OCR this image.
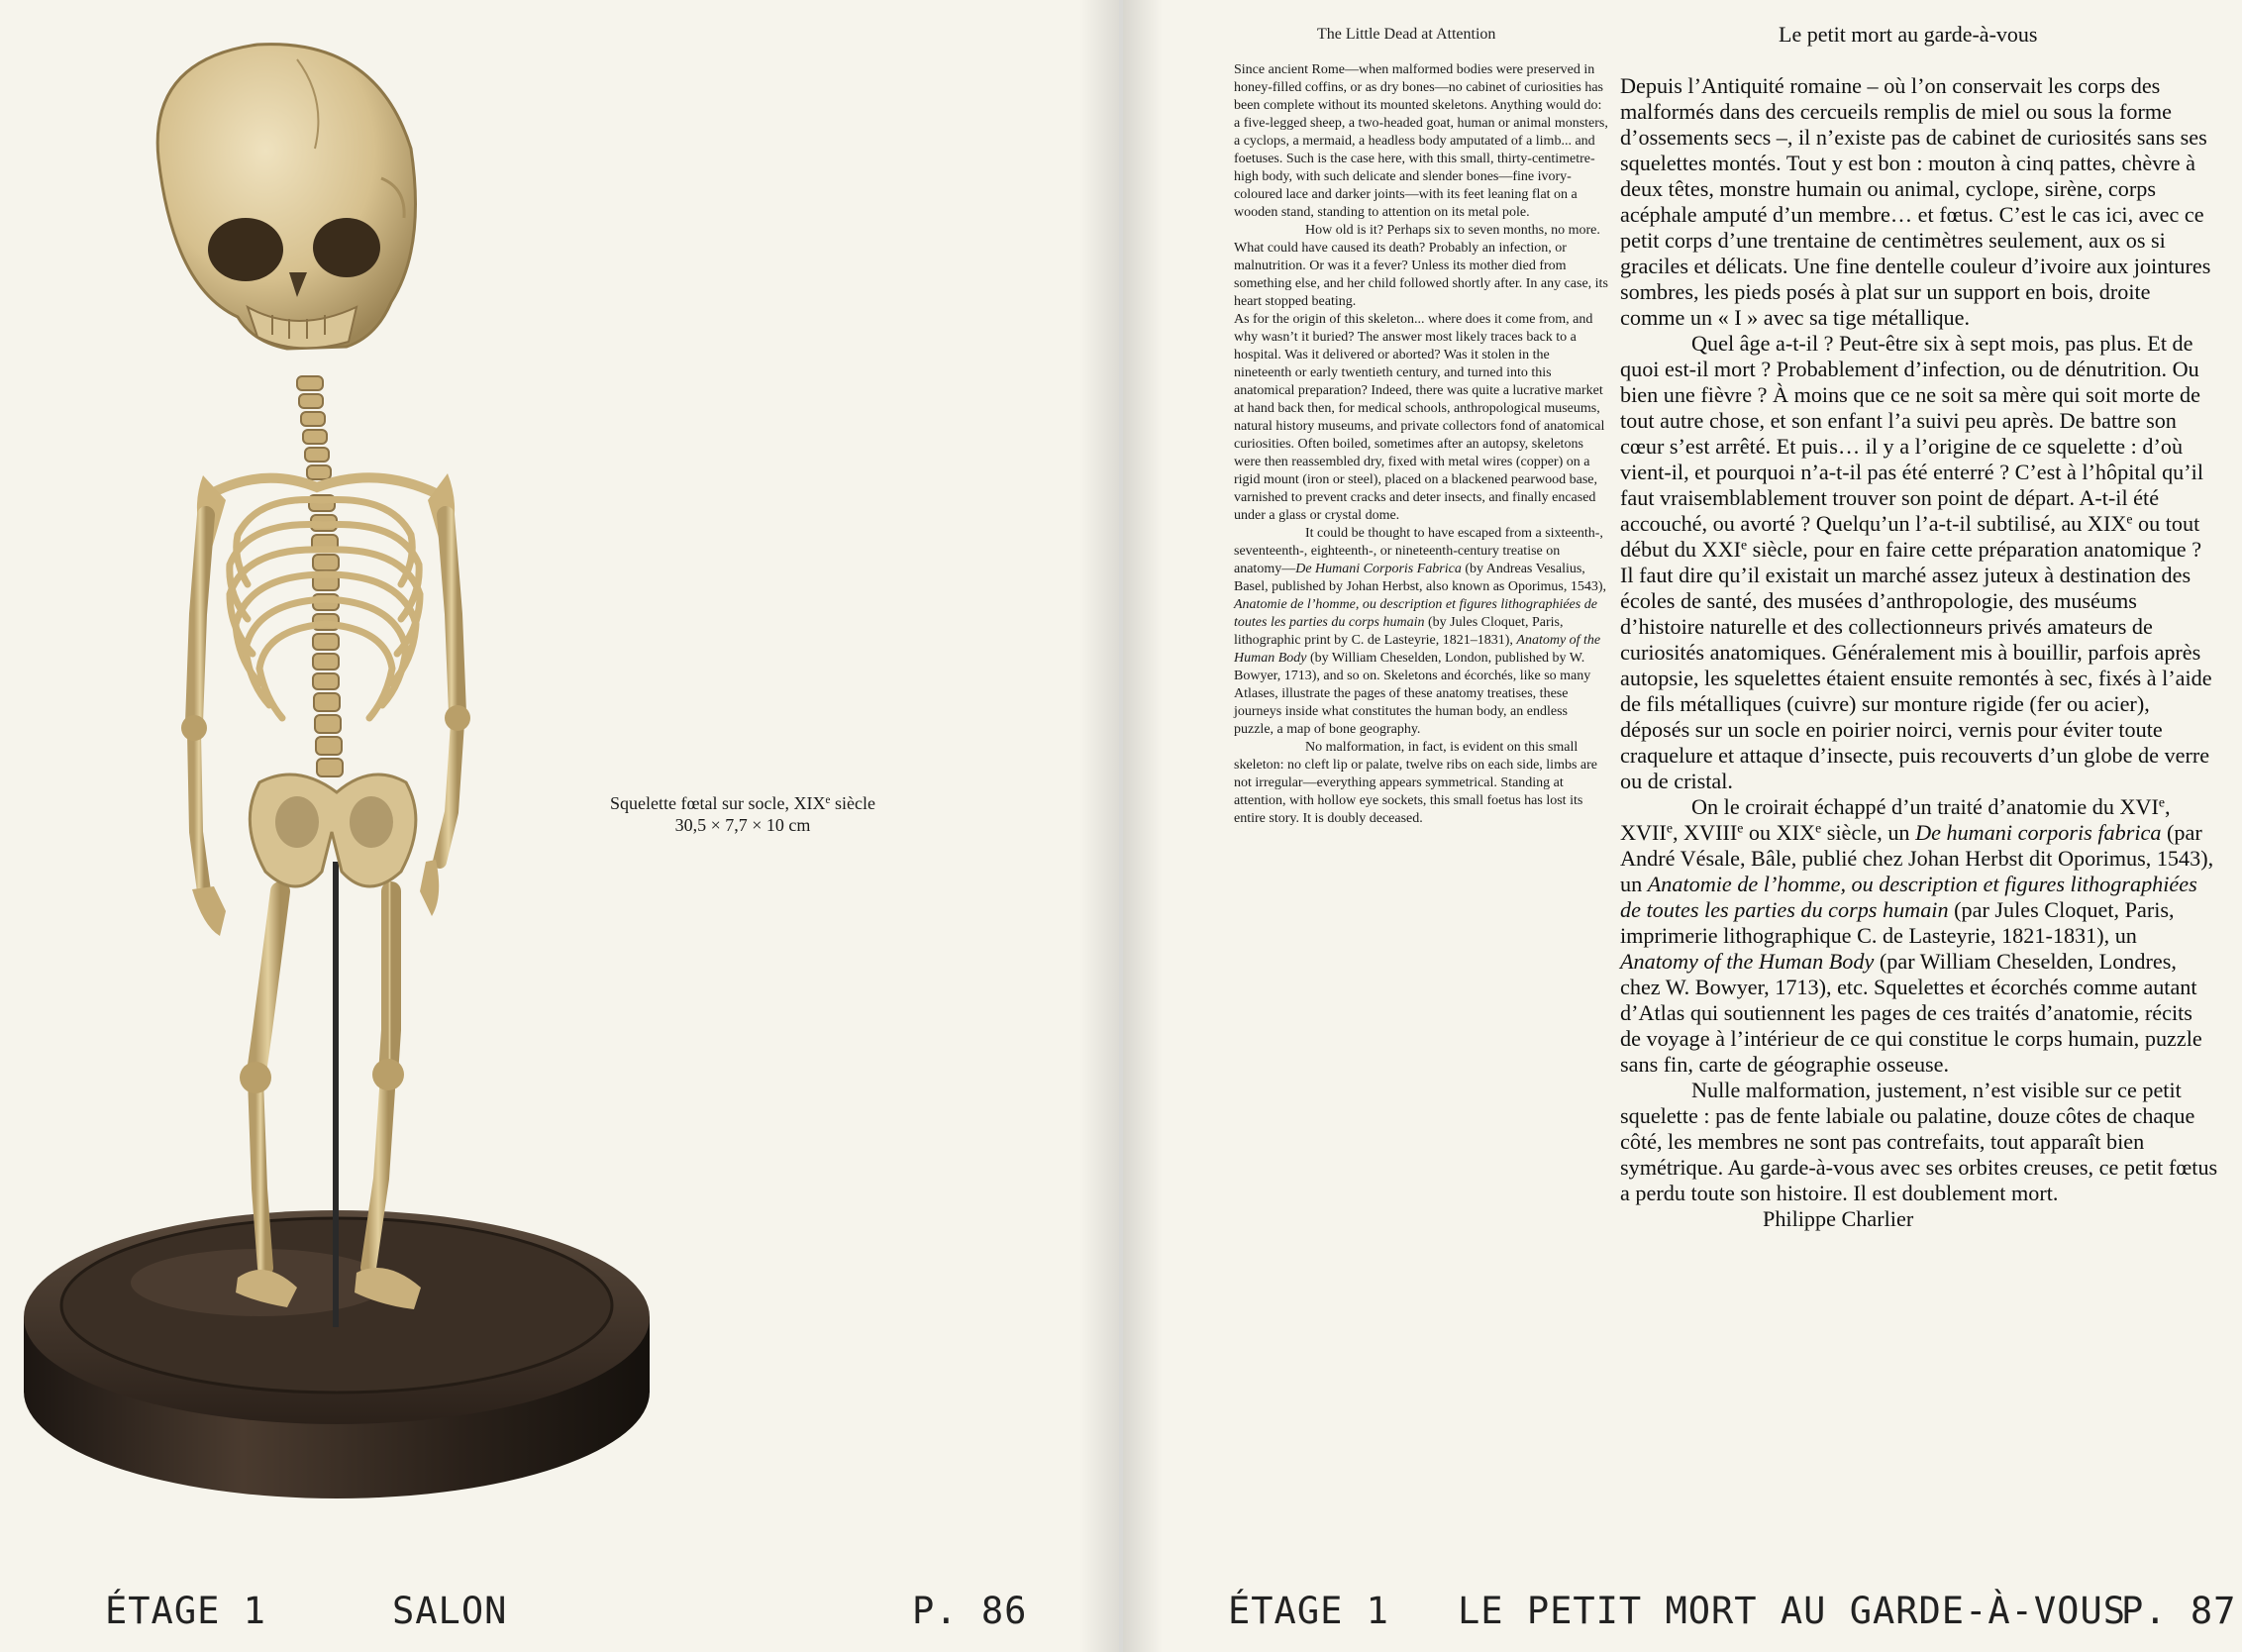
Squelette fœtal sur socle, XIXe siècle
30,5 × 7,7 × 10 cm
ÉTAGE 1	SALON	P. 86
The Little Dead at Attention	Le petit mort au garde-à-vous

Since ancient Rome—when malformed bodies were preserved in honey-filled coffins, or as dry bones—no cabinet of curiosities has been complete without its mounted skeletons. Anything would do: a five-legged sheep, a two-headed goat, human or animal monsters, a cyclops, a mermaid, a headless body amputated of a limb... and foetuses. Such is the case here, with this small, thirty-centimetre-high body, with such delicate and slender bones—fine ivory-coloured lace and darker joints—with its feet leaning flat on a wooden stand, standing to attention on its metal pole.

How old is it? Perhaps six to seven months, no more. What could have caused its death? Probably an infection, or malnutrition. Or was it a fever? Unless its mother died from something else, and her child followed shortly after. In any case, its heart stopped beating.

As for the origin of this skeleton... where does it come from, and why wasn’t it buried? The answer most likely traces back to a hospital. Was it delivered or aborted? Was it stolen in the nineteenth or early twentieth century, and turned into this anatomical preparation? Indeed, there was quite a lucrative market at hand back then, for medical schools, anthropological museums, natural history museums, and private collectors fond of anatomical curiosities. Often boiled, sometimes after an autopsy, skeletons were then reassembled dry, fixed with metal wires (copper) on a rigid mount (iron or steel), placed on a blackened pearwood base, varnished to prevent cracks and deter insects, and finally encased under a glass or crystal dome.

It could be thought to have escaped from a sixteenth-, seventeenth-, eighteenth-, or nineteenth-century treatise on anatomy—De Humani Corporis Fabrica (by Andreas Vesalius, Basel, published by Johan Herbst, also known as Oporimus, 1543), Anatomie de l’homme, ou description et figures lithographiées de toutes les parties du corps humain (by Jules Cloquet, Paris, lithographic print by C. de Lasteyrie, 1821–1831), Anatomy of the Human Body (by William Cheselden, London, published by W. Bowyer, 1713), and so on. Skeletons and écorchés, like so many Atlases, illustrate the pages of these anatomy treatises, these journeys inside what constitutes the human body, an endless puzzle, a map of bone geography.

No malformation, in fact, is evident on this small skeleton: no cleft lip or palate, twelve ribs on each side, limbs are not irregular—everything appears symmetrical. Standing at attention, with hollow eye sockets, this small foetus has lost its entire story. It is doubly deceased.

Depuis l’Antiquité romaine – où l’on conservait les corps des malformés dans des cercueils remplis de miel ou sous la forme d’ossements secs –, il n’existe pas de cabinet de curiosités sans ses squelettes montés. Tout y est bon : mouton à cinq pattes, chèvre à deux têtes, monstre humain ou animal, cyclope, sirène, corps acéphale amputé d’un membre… et fœtus. C’est le cas ici, avec ce petit corps d’une trentaine de centimètres seulement, aux os si graciles et délicats. Une fine dentelle couleur d’ivoire aux jointures sombres, les pieds posés à plat sur un support en bois, droite comme un « I » avec sa tige métallique.

Quel âge a-t-il ? Peut-être six à sept mois, pas plus. Et de quoi est-il mort ? Probablement d’infection, ou de dénutrition. Ou bien une fièvre ? À moins que ce ne soit sa mère qui soit morte de tout autre chose, et son enfant l’a suivi peu après. De battre son cœur s’est arrêté. Et puis… il y a l’origine de ce squelette : d’où vient-il, et pourquoi n’a-t-il pas été enterré ? C’est à l’hôpital qu’il faut vraisemblablement trouver son point de départ. A-t-il été accouché, ou avorté ? Quelqu’un l’a-t-il subtilisé, au XIXe ou tout début du XXIe siècle, pour en faire cette préparation anatomique ? Il faut dire qu’il existait un marché assez juteux à destination des écoles de santé, des musées d’anthropologie, des muséums d’histoire naturelle et des collectionneurs privés amateurs de curiosités anatomiques. Généralement mis à bouillir, parfois après autopsie, les squelettes étaient ensuite remontés à sec, fixés à l’aide de fils métalliques (cuivre) sur monture rigide (fer ou acier), déposés sur un socle en poirier noirci, vernis pour éviter toute craquelure et attaque d’insecte, puis recouverts d’un globe de verre ou de cristal.

On le croirait échappé d’un traité d’anatomie du XVIe, XVIIe, XVIIIe ou XIXe siècle, un De humani corporis fabrica (par André Vésale, Bâle, publié chez Johan Herbst dit Oporimus, 1543), un Anatomie de l’homme, ou description et figures lithographiées de toutes les parties du corps humain (par Jules Cloquet, Paris, imprimerie lithographique C. de Lasteyrie, 1821-1831), un Anatomy of the Human Body (par William Cheselden, Londres, chez W. Bowyer, 1713), etc. Squelettes et écorchés comme autant d’Atlas qui soutiennent les pages de ces traités d’anatomie, récits de voyage à l’intérieur de ce qui constitue le corps humain, puzzle sans fin, carte de géographie osseuse.

Nulle malformation, justement, n’est visible sur ce petit squelette : pas de fente labiale ou palatine, douze côtes de chaque côté, les membres ne sont pas contrefaits, tout apparaît bien symétrique. Au garde-à-vous avec ses orbites creuses, ce petit fœtus a perdu toute son histoire. Il est doublement mort.

Philippe Charlier

ÉTAGE 1 LE PETIT MORT AU GARDE-À-VOUS
P. 87
